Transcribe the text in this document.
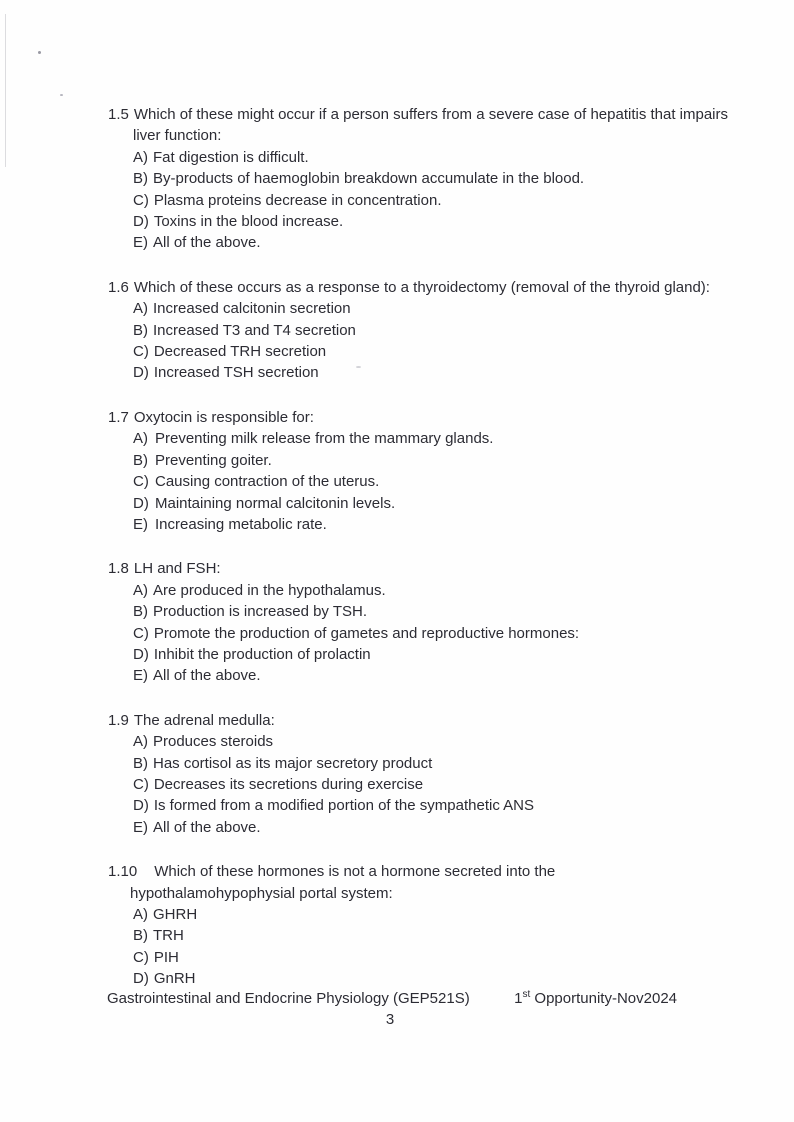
1.5 Which of these might occur if a person suffers from a severe case of hepatitis that impairs
liver function:
A) Fat digestion is difficult.
B) By-products of haemoglobin breakdown accumulate in the blood.
C) Plasma proteins decrease in concentration.
D) Toxins in the blood increase.
E) All of the above.
1.6 Which of these occurs as a response to a thyroidectomy (removal of the thyroid gland):
A) Increased calcitonin secretion
B) Increased T3 and T4 secretion
C) Decreased TRH secretion
D) Increased TSH secretion
1.7 Oxytocin is responsible for:
A) Preventing milk release from the mammary glands.
B) Preventing goiter.
C) Causing contraction of the uterus.
D) Maintaining normal calcitonin levels.
E) Increasing metabolic rate.
1.8 LH and FSH:
A) Are produced in the hypothalamus.
B) Production is increased by TSH.
C) Promote the production of gametes and reproductive hormones:
D) Inhibit the production of prolactin
E) All of the above.
1.9 The adrenal medulla:
A) Produces steroids
B) Has cortisol as its major secretory product
C) Decreases its secretions during exercise
D) Is formed from a modified portion of the sympathetic ANS
E) All of the above.
1.10 Which of these hormones is not a hormone secreted into the
hypothalamohypophysial portal system:
A) GHRH
B) TRH
C) PIH
D) GnRH
Gastrointestinal and Endocrine Physiology (GEP521S)	1st Opportunity-Nov2024
3
